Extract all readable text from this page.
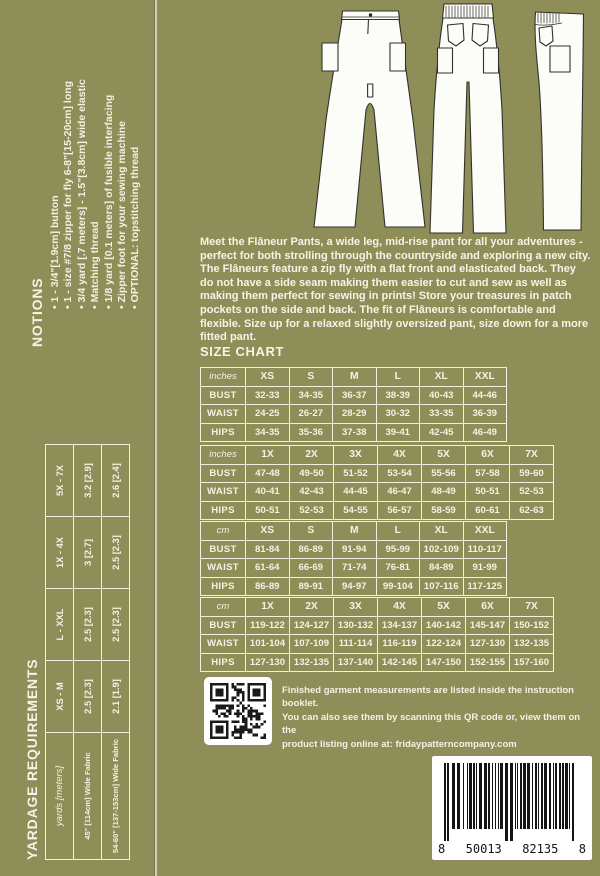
NOTIONS
• 1 - 3/4"[1.9cm] button • 1 - size #7/8 zipper for fly 6-8"[15-20cm] long • 3/4 yard [.7 meters] - 1.5"[3.8cm] wide elastic • Matching thread • 1/8 yard [0.1 meters] of fusible interfacing • Zipper foot for your sewing machine • OPTIONAL: topstitching thread
YARDAGE REQUIREMENTS yards [meters]	XS - M	L - XXL	1X - 4X	5X - 7X
45" [114cm] Wide Fabric	2.5 [2.3]	2.5 [2.3]	3 [2.7]	3.2 [2.9]
54-60" [137-153cm] Wide Fabric	2.1 [1.9]	2.5 [2.3]	2.5 [2.3]	2.6 [2.4]
Meet the Flâneur Pants, a wide leg, mid-rise pant for all your adventures - perfect for both strolling through the countryside and exploring a new city. The Flâneurs feature a zip fly with a flat front and elasticated back. They do not have a side seam making them easier to cut and sew as well as making them perfect for sewing in prints! Store your treasures in patch pockets on the side and back. The fit of Flâneurs is comfortable and flexible. Size up for a relaxed slightly oversized pant, size down for a more fitted pant.
SIZE CHART
inches	XS	S	M	L	XL	XXL
BUST	32-33	34-35	36-37	38-39	40-43	44-46
WAIST	24-25	26-27	28-29	30-32	33-35	36-39
HIPS	34-35	35-36	37-38	39-41	42-45	46-49
inches	1X	2X	3X	4X	5X	6X	7X
BUST	47-48	49-50	51-52	53-54	55-56	57-58	59-60
WAIST	40-41	42-43	44-45	46-47	48-49	50-51	52-53
HIPS	50-51	52-53	54-55	56-57	58-59	60-61	62-63
cm	XS	S	M	L	XL	XXL
BUST	81-84	86-89	91-94	95-99	102-109	110-117
WAIST	61-64	66-69	71-74	76-81	84-89	91-99
HIPS	86-89	89-91	94-97	99-104	107-116	117-125
cm	1X	2X	3X	4X	5X	6X	7X
BUST	119-122	124-127	130-132	134-137	140-142	145-147	150-152
WAIST	101-104	107-109	111-114	116-119	122-124	127-130	132-135
HIPS	127-130	132-135	137-140	142-145	147-150	152-155	157-160
Finished garment measurements are listed inside the instruction booklet.
You can also see them by scanning this QR code or, view them on the
product listing online at: fridaypatterncompany.com
8 50013 82135 8
